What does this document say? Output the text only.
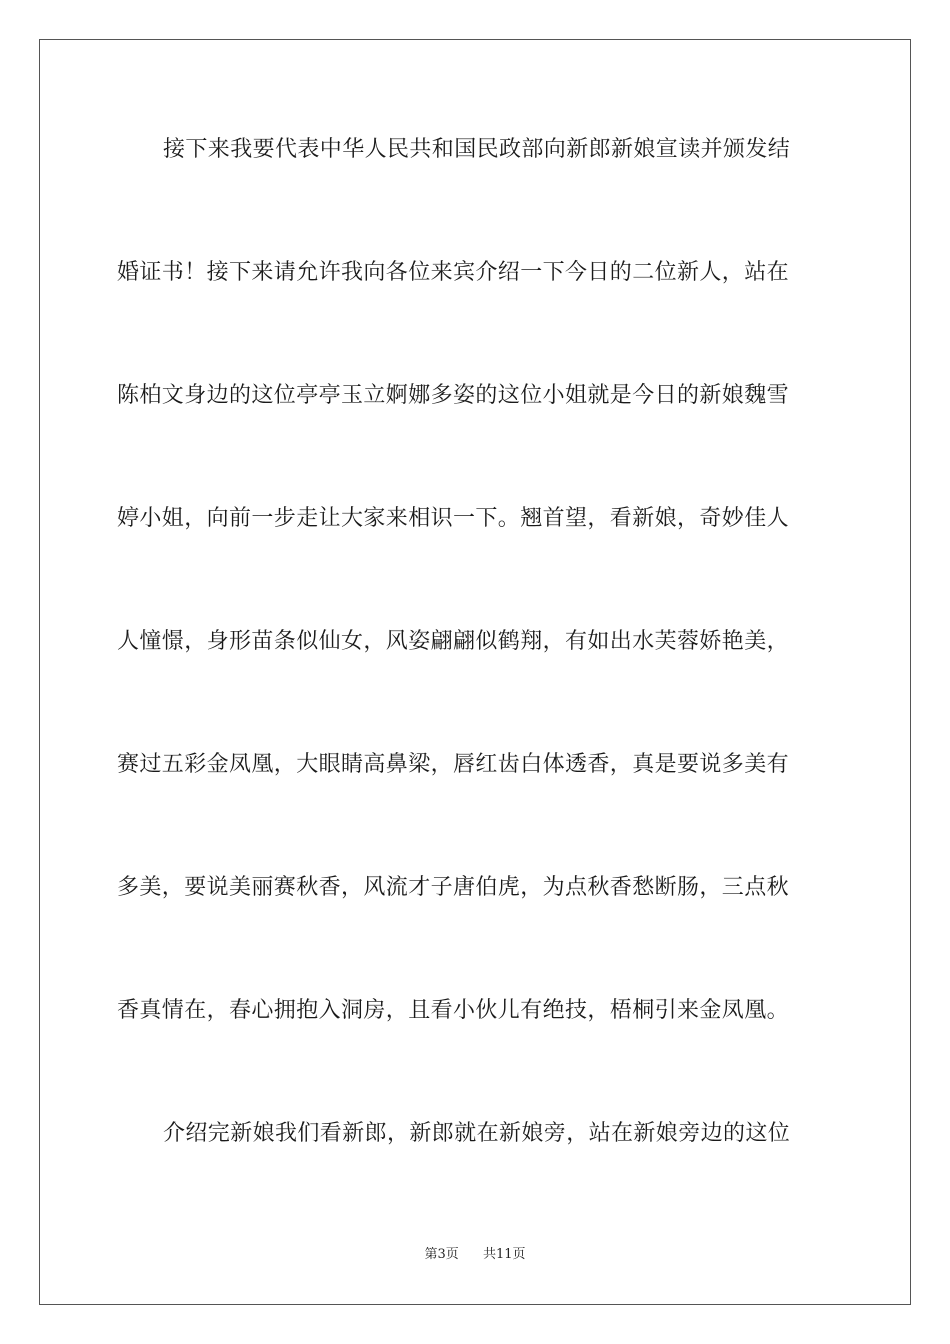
接下来我要代表中华人民共和国民政部向新郎新娘宣读并颁发结
婚证书！接下来请允许我向各位来宾介绍一下今日的二位新人，站在
陈柏文身边的这位亭亭玉立婀娜多姿的这位小姐就是今日的新娘魏雪
婷小姐，向前一步走让大家来相识一下。翘首望，看新娘，奇妙佳人
人憧憬，身形苗条似仙女，风姿翩翩似鹤翔，有如出水芙蓉娇艳美，
赛过五彩金凤凰，大眼睛高鼻梁，唇红齿白体透香，真是要说多美有
多美，要说美丽赛秋香，风流才子唐伯虎，为点秋香愁断肠，三点秋
香真情在，春心拥抱入洞房，且看小伙儿有绝技，梧桐引来金凤凰。
介绍完新娘我们看新郎，新郎就在新娘旁，站在新娘旁边的这位
第3页 共11页
